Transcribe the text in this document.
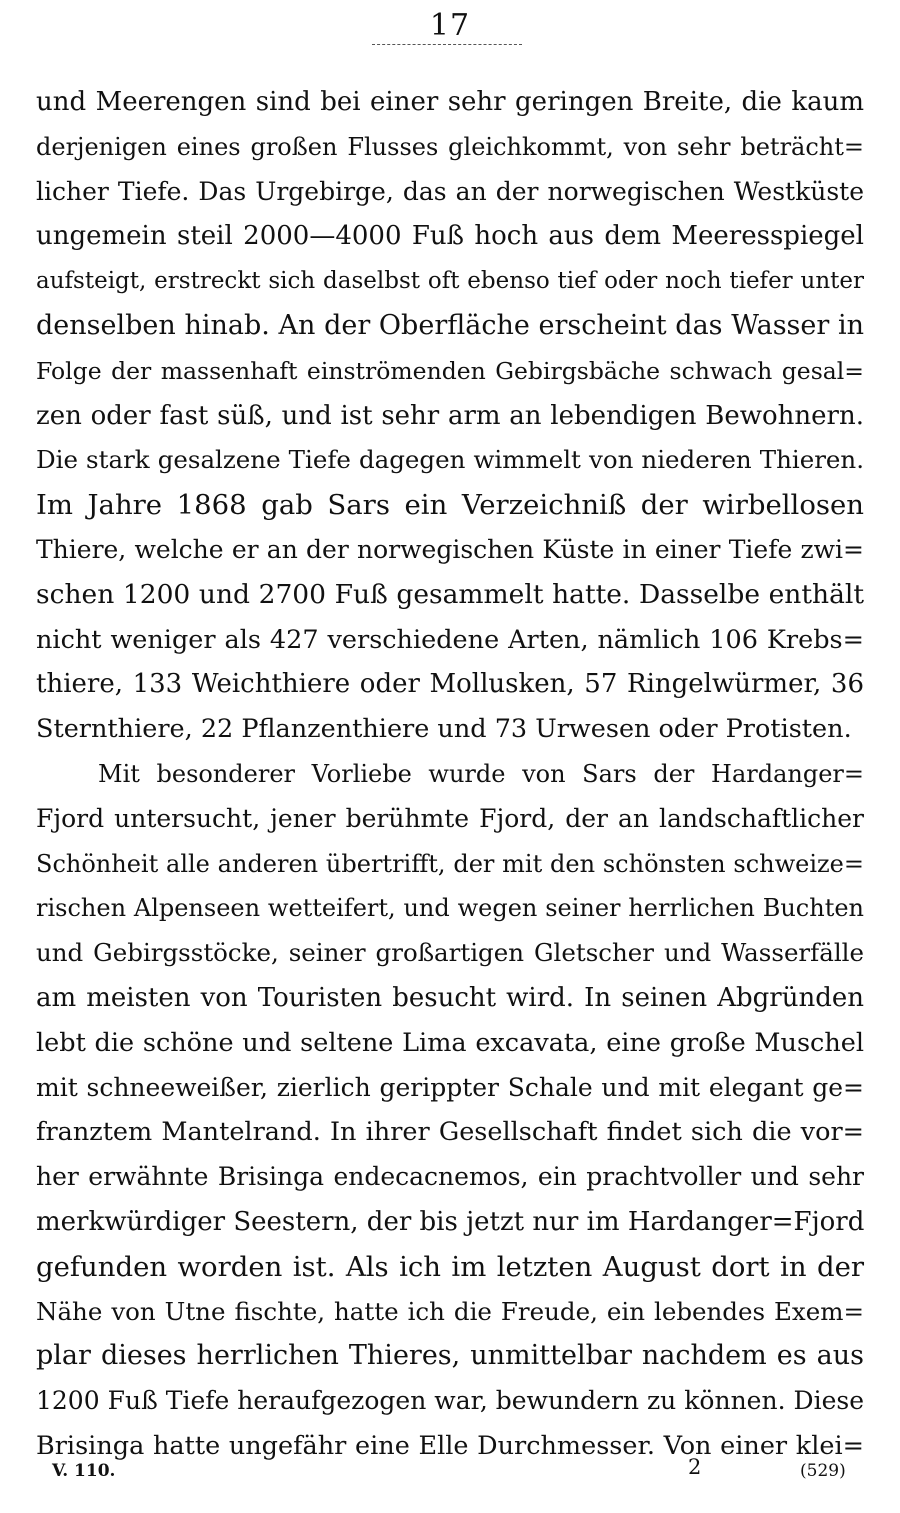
17
und Meerengen sind bei einer sehr geringen Breite, die kaum
derjenigen eines großen Flusses gleichkommt, von sehr beträcht=
licher Tiefe. Das Urgebirge, das an der norwegischen Westküste
ungemein steil 2000—4000 Fuß hoch aus dem Meeresspiegel
aufsteigt, erstreckt sich daselbst oft ebenso tief oder noch tiefer unter
denselben hinab. An der Oberfläche erscheint das Wasser in
Folge der massenhaft einströmenden Gebirgsbäche schwach gesal=
zen oder fast süß, und ist sehr arm an lebendigen Bewohnern.
Die stark gesalzene Tiefe dagegen wimmelt von niederen Thieren.
Im Jahre 1868 gab Sars ein Verzeichniß der wirbellosen
Thiere, welche er an der norwegischen Küste in einer Tiefe zwi=
schen 1200 und 2700 Fuß gesammelt hatte. Dasselbe enthält
nicht weniger als 427 verschiedene Arten, nämlich 106 Krebs=
thiere, 133 Weichthiere oder Mollusken, 57 Ringelwürmer, 36
Sternthiere, 22 Pflanzenthiere und 73 Urwesen oder Protisten.
Mit besonderer Vorliebe wurde von Sars der Hardanger=
Fjord untersucht, jener berühmte Fjord, der an landschaftlicher
Schönheit alle anderen übertrifft, der mit den schönsten schweize=
rischen Alpenseen wetteifert, und wegen seiner herrlichen Buchten
und Gebirgsstöcke, seiner großartigen Gletscher und Wasserfälle
am meisten von Touristen besucht wird. In seinen Abgründen
lebt die schöne und seltene Lima excavata, eine große Muschel
mit schneeweißer, zierlich gerippter Schale und mit elegant ge=
franztem Mantelrand. In ihrer Gesellschaft findet sich die vor=
her erwähnte Brisinga endecacnemos, ein prachtvoller und sehr
merkwürdiger Seestern, der bis jetzt nur im Hardanger=Fjord
gefunden worden ist. Als ich im letzten August dort in der
Nähe von Utne fischte, hatte ich die Freude, ein lebendes Exem=
plar dieses herrlichen Thieres, unmittelbar nachdem es aus
1200 Fuß Tiefe heraufgezogen war, bewundern zu können. Diese
Brisinga hatte ungefähr eine Elle Durchmesser. Von einer klei=
V. 110.	2	(529)
